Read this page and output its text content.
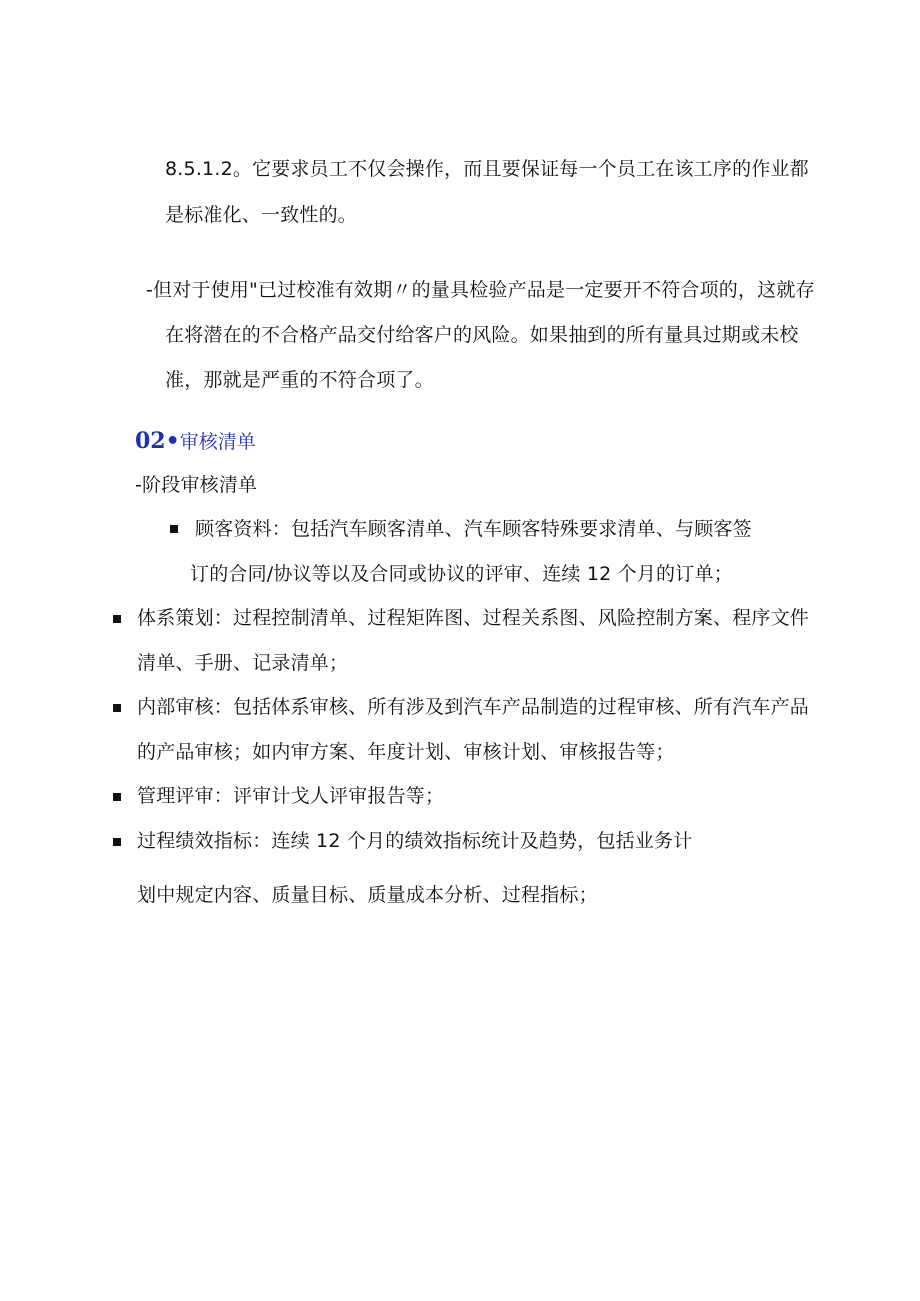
8.5.1.2。它要求员工不仅会操作，而且要保证每一个员工在该工序的作业都
是标准化、一致性的。
-但对于使用"已过校准有效期〃的量具检验产品是一定要开不符合项的，这就存
在将潜在的不合格产品交付给客户的风险。如果抽到的所有量具过期或未校
准，那就是严重的不符合项了。
02•审核清单
-阶段审核清单
顾客资料：包括汽车顾客清单、汽车顾客特殊要求清单、与顾客签
订的合同/协议等以及合同或协议的评审、连续 12 个月的订单；
体系策划：过程控制清单、过程矩阵图、过程关系图、风险控制方案、程序文件
清单、手册、记录清单；
内部审核：包括体系审核、所有涉及到汽车产品制造的过程审核、所有汽车产品
的产品审核；如内审方案、年度计划、审核计划、审核报告等；
管理评审：评审计戈人评审报告等；
过程绩效指标：连续 12 个月的绩效指标统计及趋势，包括业务计
划中规定内容、质量目标、质量成本分析、过程指标；
